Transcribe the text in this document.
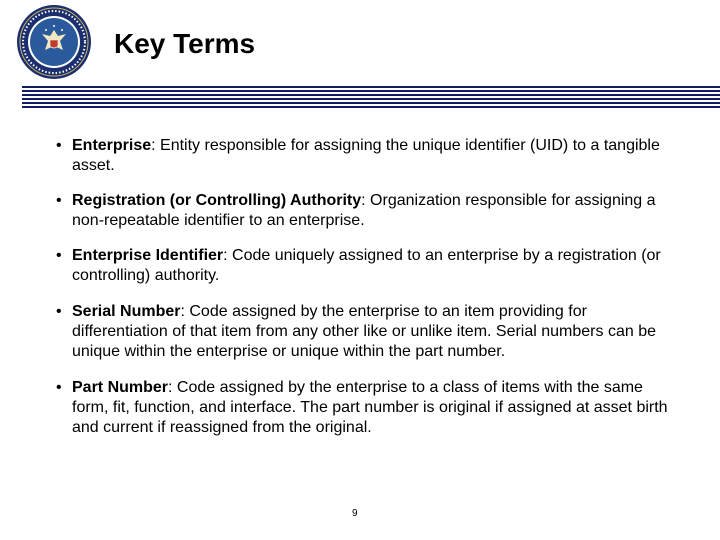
Key Terms
• Enterprise: Entity responsible for assigning the unique identifier (UID) to a tangible asset.
• Registration (or Controlling) Authority: Organization responsible for assigning a non-repeatable identifier to an enterprise.
• Enterprise Identifier: Code uniquely assigned to an enterprise by a registration (or controlling) authority.
• Serial Number: Code assigned by the enterprise to an item providing for differentiation of that item from any other like or unlike item. Serial numbers can be unique within the enterprise or unique within the part number.
• Part Number: Code assigned by the enterprise to a class of items with the same form, fit, function, and interface. The part number is original if assigned at asset birth and current if reassigned from the original.
9
